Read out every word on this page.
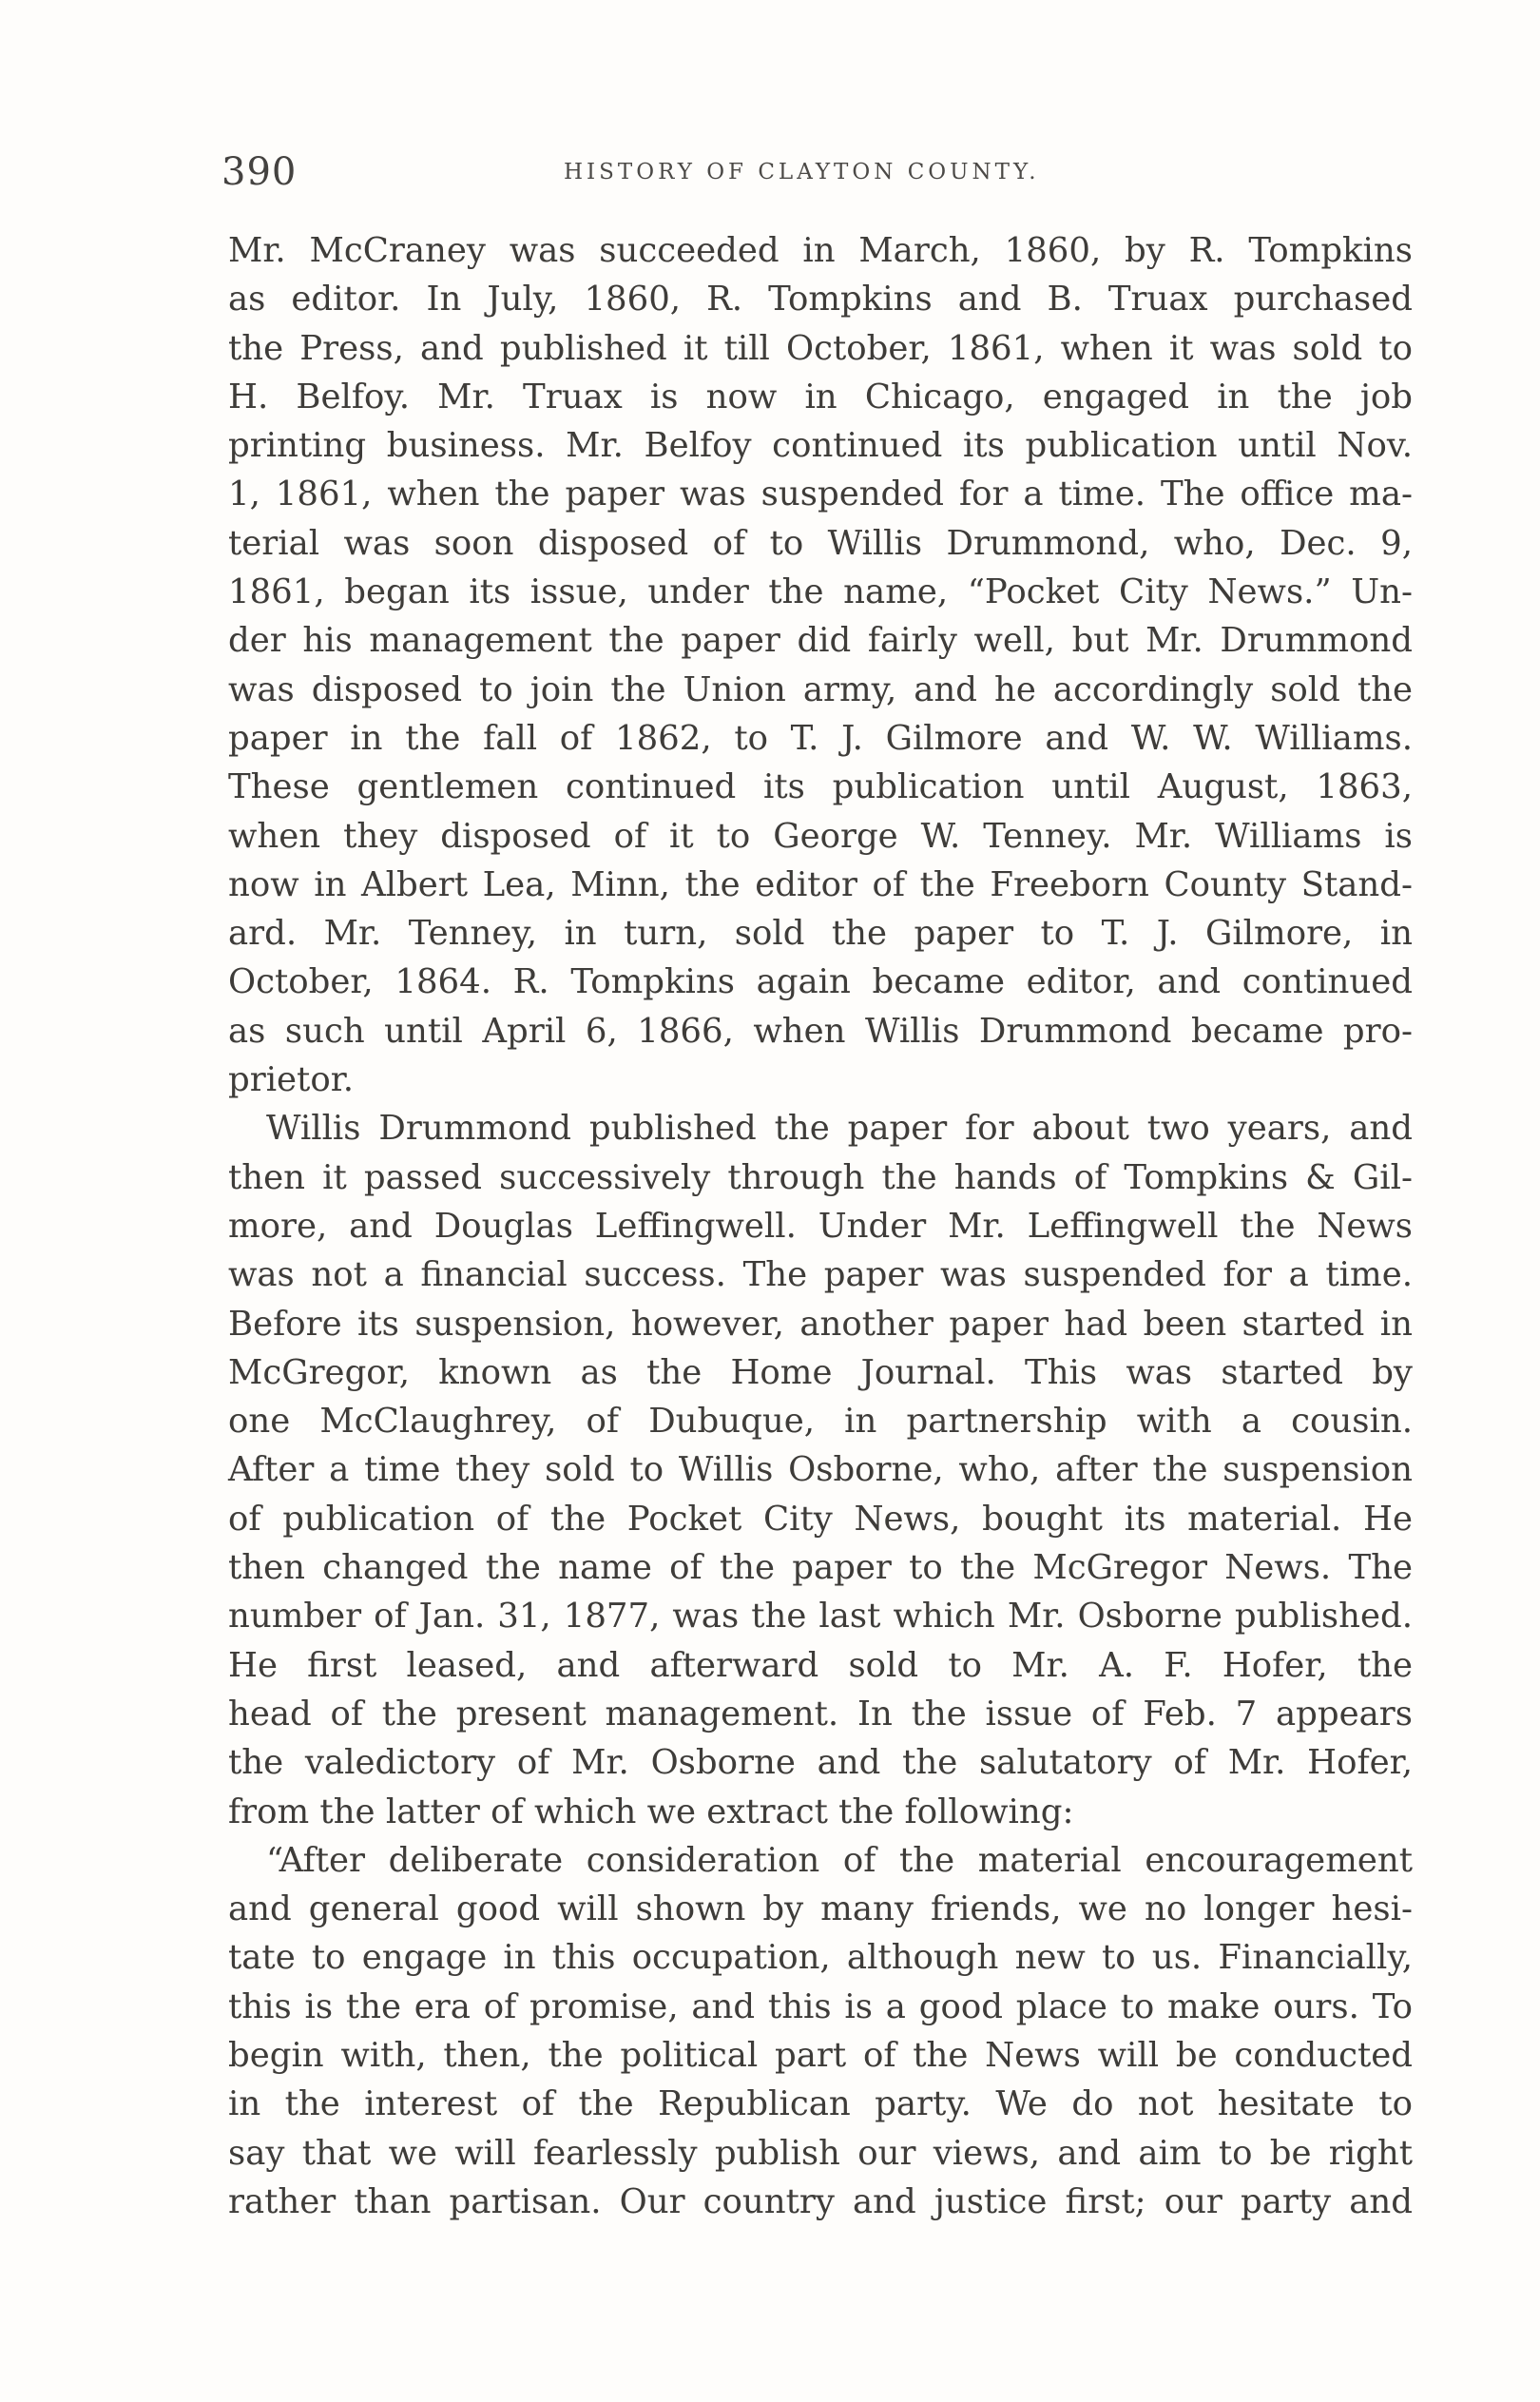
390	HISTORY OF CLAYTON COUNTY.
Mr. McCraney was succeeded in March, 1860, by R. Tompkins
as editor. In July, 1860, R. Tompkins and B. Truax purchased
the Press, and published it till October, 1861, when it was sold to
H. Belfoy. Mr. Truax is now in Chicago, engaged in the job
printing business. Mr. Belfoy continued its publication until Nov.
1, 1861, when the paper was suspended for a time. The office ma-
terial was soon disposed of to Willis Drummond, who, Dec. 9,
1861, began its issue, under the name, “Pocket City News.” Un-
der his management the paper did fairly well, but Mr. Drummond
was disposed to join the Union army, and he accordingly sold the
paper in the fall of 1862, to T. J. Gilmore and W. W. Williams.
These gentlemen continued its publication until August, 1863,
when they disposed of it to George W. Tenney. Mr. Williams is
now in Albert Lea, Minn, the editor of the Freeborn County Stand-
ard. Mr. Tenney, in turn, sold the paper to T. J. Gilmore, in
October, 1864. R. Tompkins again became editor, and continued
as such until April 6, 1866, when Willis Drummond became pro-
prietor.
Willis Drummond published the paper for about two years, and
then it passed successively through the hands of Tompkins & Gil-
more, and Douglas Leffingwell. Under Mr. Leffingwell the News
was not a financial success. The paper was suspended for a time.
Before its suspension, however, another paper had been started in
McGregor, known as the Home Journal. This was started by
one McClaughrey, of Dubuque, in partnership with a cousin.
After a time they sold to Willis Osborne, who, after the suspension
of publication of the Pocket City News, bought its material. He
then changed the name of the paper to the McGregor News. The
number of Jan. 31, 1877, was the last which Mr. Osborne published.
He first leased, and afterward sold to Mr. A. F. Hofer, the
head of the present management. In the issue of Feb. 7 appears
the valedictory of Mr. Osborne and the salutatory of Mr. Hofer,
from the latter of which we extract the following:
“After deliberate consideration of the material encouragement
and general good will shown by many friends, we no longer hesi-
tate to engage in this occupation, although new to us. Financially,
this is the era of promise, and this is a good place to make ours. To
begin with, then, the political part of the News will be conducted
in the interest of the Republican party. We do not hesitate to
say that we will fearlessly publish our views, and aim to be right
rather than partisan. Our country and justice first; our party and
